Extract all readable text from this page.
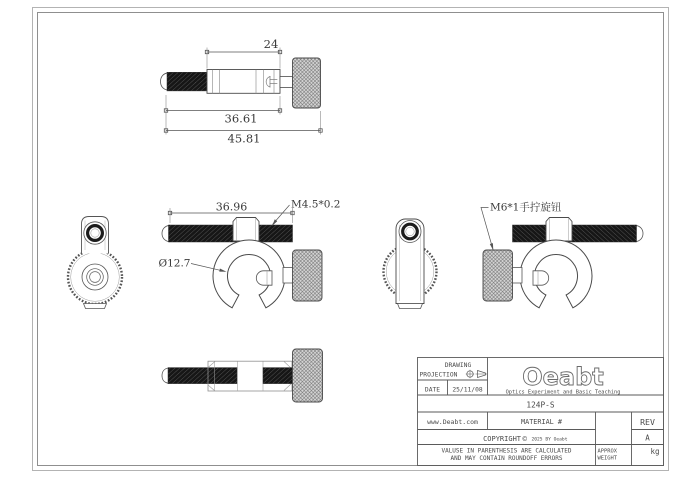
24
36.61
45.81
36.96	M4.5*0.2
Ø12.7
M6*1手拧旋钮
DRAWING
PROJECTION
DATE 25/11/08 Oeabt
Optics Experiment and Basic Teaching
124P-S
www.Deabt.com	MATERIAL #	REV
COPYRIGHT © 2025 BY Oeabt	A
VALUSE IN PARENTHESIS ARE CALCULATED
AND MAY CONTAIN ROUNDOFF ERRORS
APPROX
WEIGHT
kg
